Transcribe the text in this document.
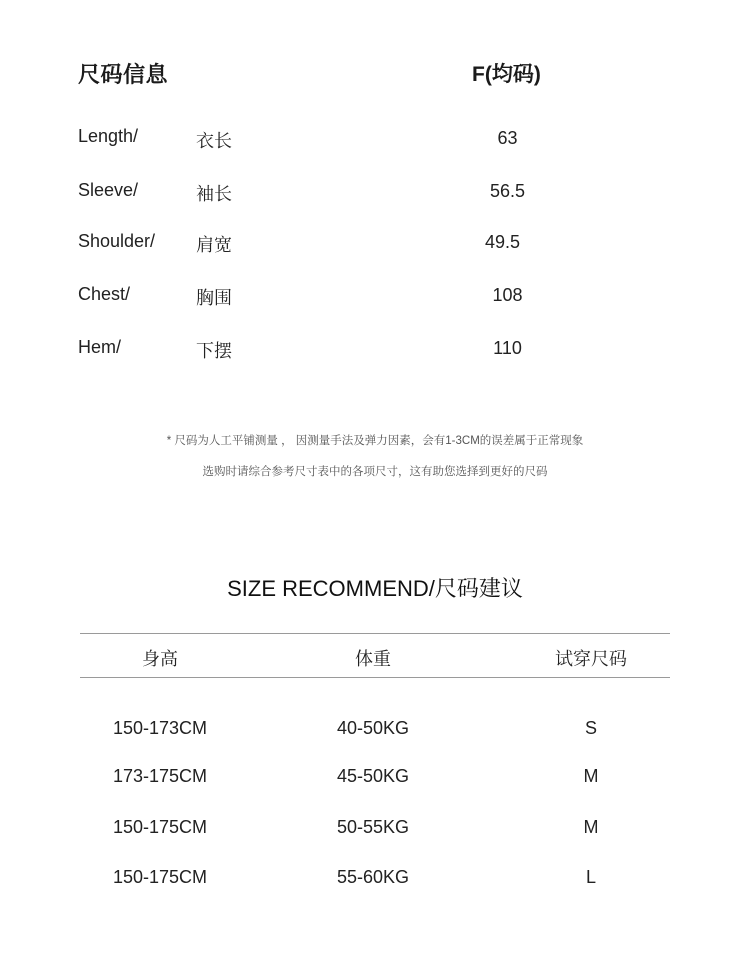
尺码信息	F(均码)
Length/	衣长	63
Sleeve/	袖长	56.5
Shoulder/ 肩宽	49.5
Chest/	胸围	108
Hem/	下摆	110
* 尺码为人工平铺测量 ， 因测量手法及弹力因素，会有1-3CM的误差属于正常现象
选购时请综合参考尺寸表中的各项尺寸，这有助您选择到更好的尺码
SIZE RECOMMEND/尺码建议
身高	体重	试穿尺码
150-173CM	40-50KG	S
173-175CM	45-50KG	M
150-175CM	50-55KG	M
150-175CM	55-60KG	L
